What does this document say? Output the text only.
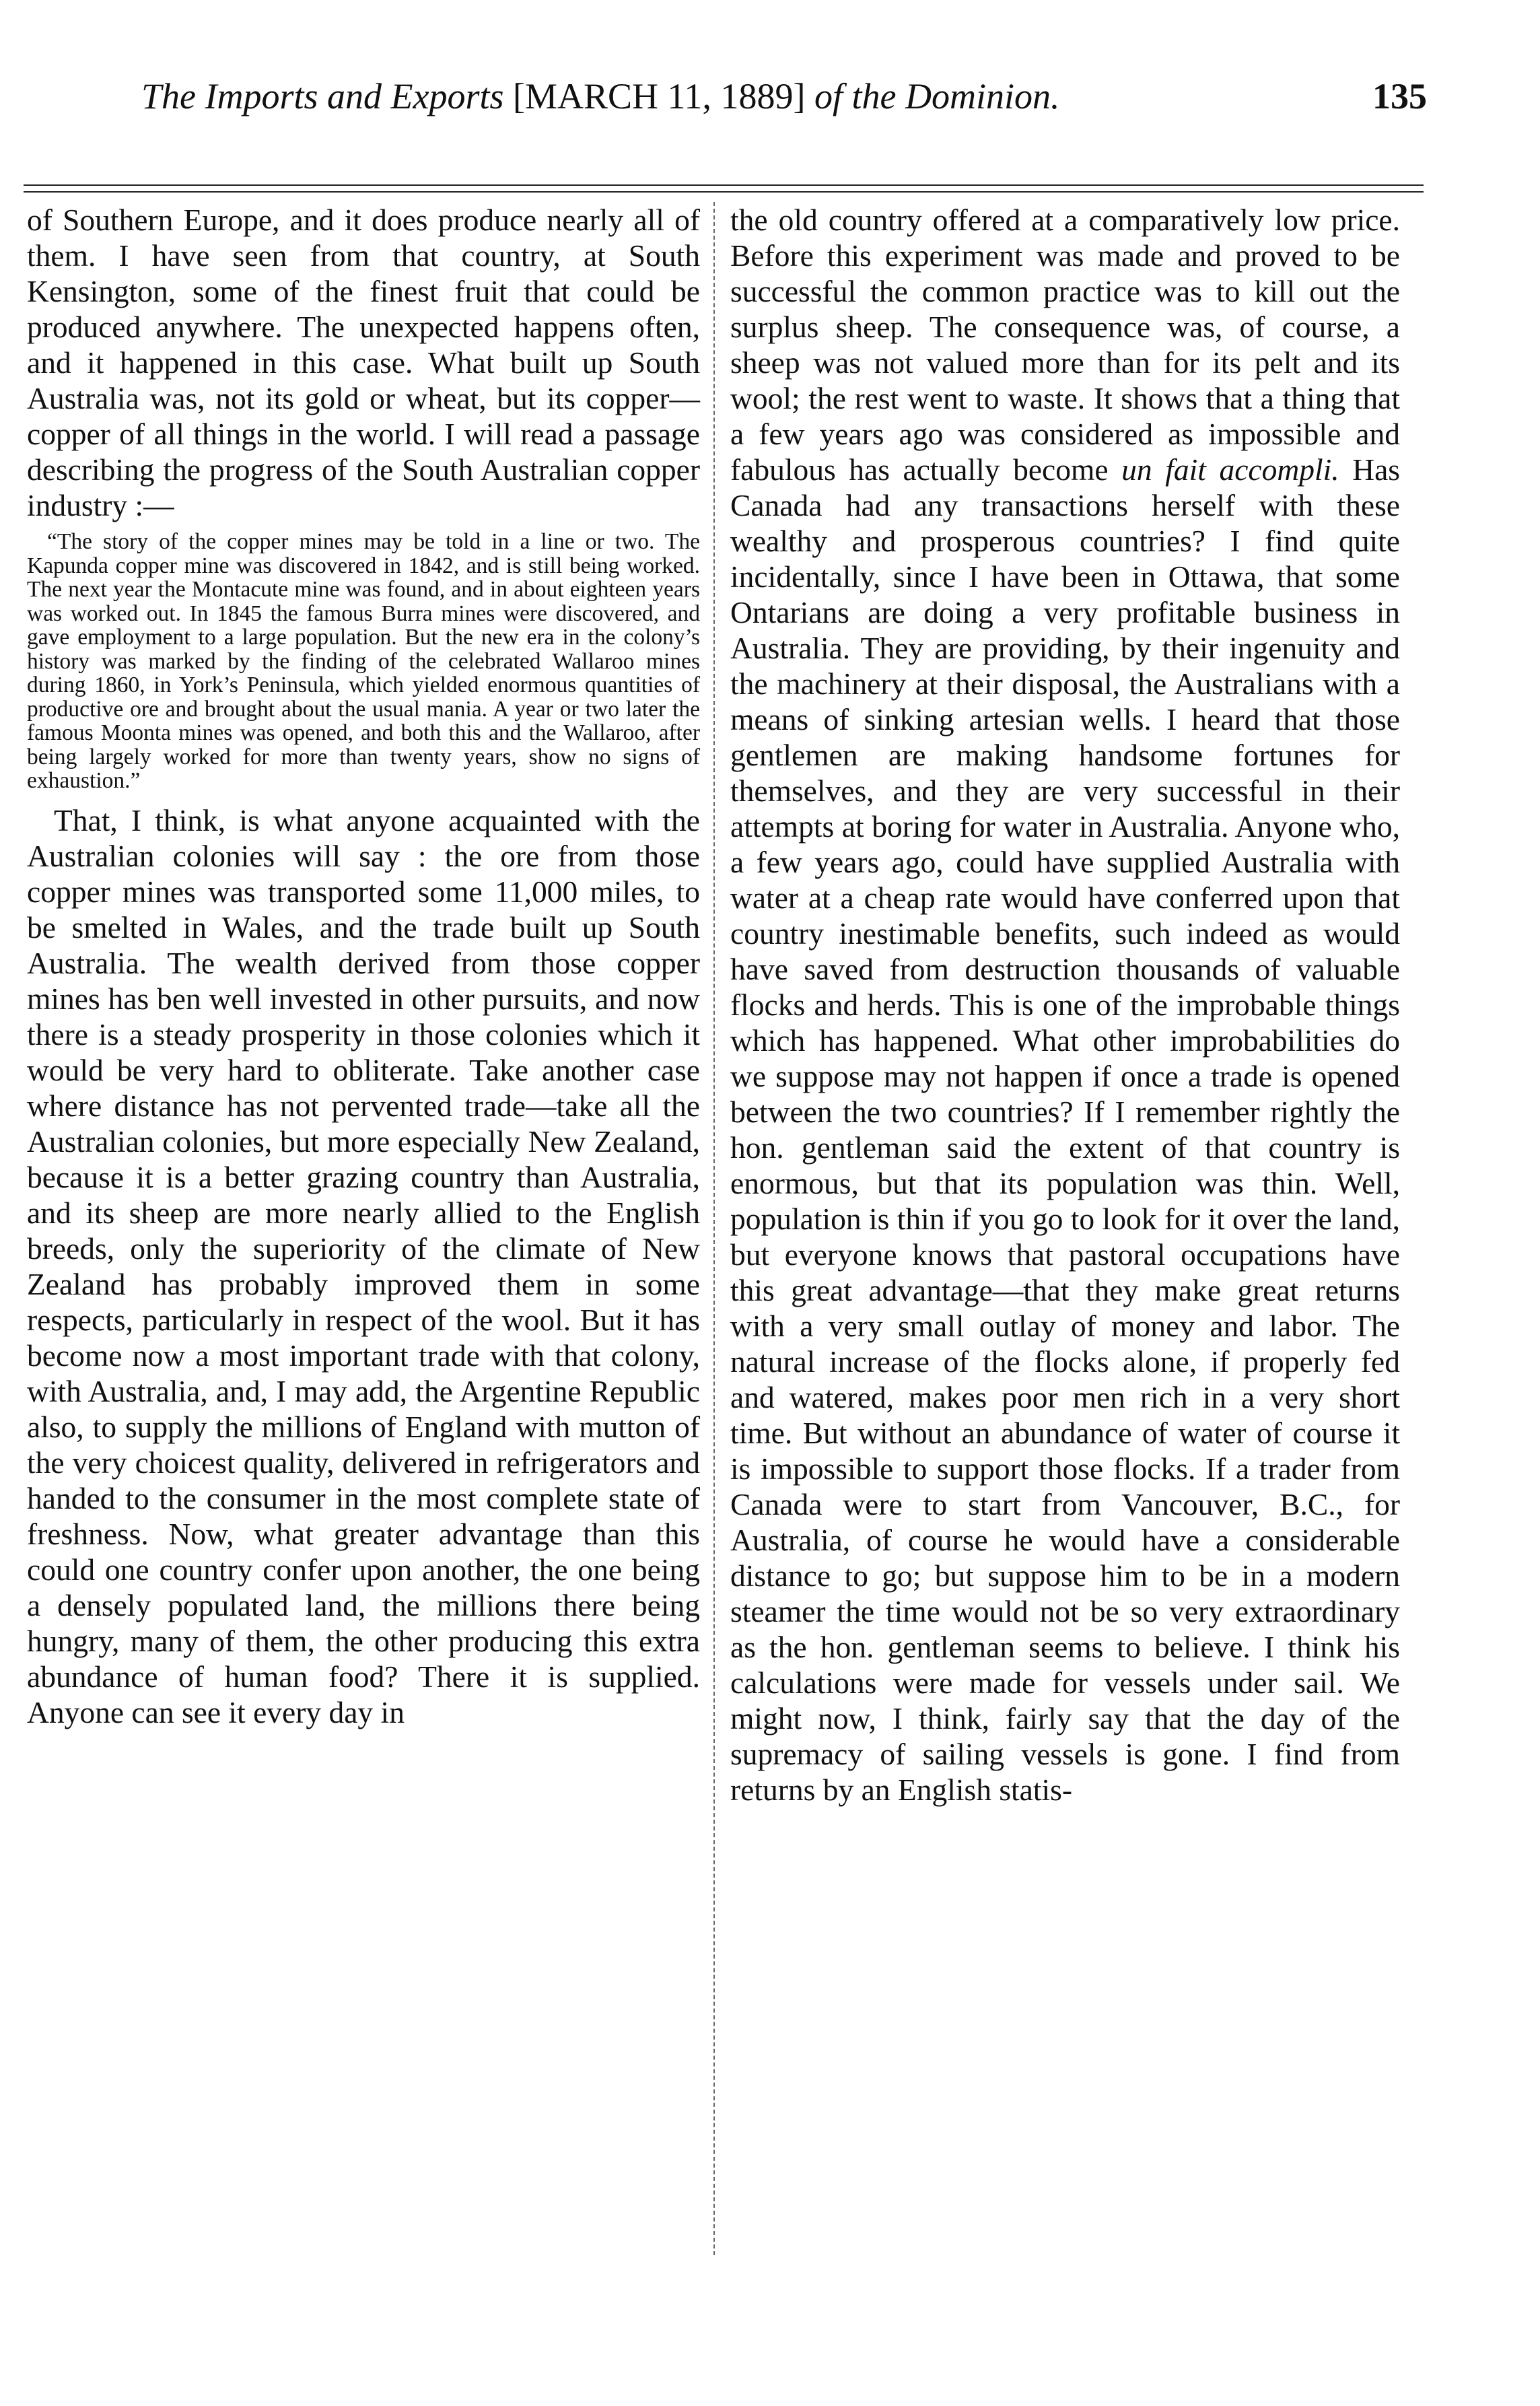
The Imports and Exports [MARCH 11, 1889] of the Dominion.	135

of Southern Europe, and it does produce nearly all of them. I have seen from that country, at South Kensington, some of the finest fruit that could be produced anywhere. The unexpected happens often, and it happened in this case. What built up South Australia was, not its gold or wheat, but its copper—copper of all things in the world. I will read a passage describing the progress of the South Australian copper industry :—

“The story of the copper mines may be told in a line or two. The Kapunda copper mine was discovered in 1842, and is still being worked. The next year the Montacute mine was found, and in about eighteen years was worked out. In 1845 the famous Burra mines were discovered, and gave employment to a large population. But the new era in the colony’s history was marked by the finding of the celebrated Wallaroo mines during 1860, in York’s Peninsula, which yielded enormous quantities of productive ore and brought about the usual mania. A year or two later the famous Moonta mines was opened, and both this and the Wallaroo, after being largely worked for more than twenty years, show no signs of exhaustion.”

That, I think, is what anyone acquainted with the Australian colonies will say : the ore from those copper mines was transported some 11,000 miles, to be smelted in Wales, and the trade built up South Australia. The wealth derived from those copper mines has ben well invested in other pursuits, and now there is a steady prosperity in those colonies which it would be very hard to obliterate. Take another case where distance has not pervented trade—take all the Australian colonies, but more especially New Zealand, because it is a better grazing country than Australia, and its sheep are more nearly allied to the English breeds, only the superiority of the climate of New Zealand has probably improved them in some respects, particularly in respect of the wool. But it has become now a most important trade with that colony, with Australia, and, I may add, the Argentine Republic also, to supply the millions of England with mutton of the very choicest quality, delivered in refrigerators and handed to the consumer in the most complete state of freshness. Now, what greater advantage than this could one country confer upon another, the one being a densely populated land, the millions there being hungry, many of them, the other producing this extra abundance of human food? There it is supplied. Anyone can see it every day in

the old country offered at a comparatively low price. Before this experiment was made and proved to be successful the common practice was to kill out the surplus sheep. The consequence was, of course, a sheep was not valued more than for its pelt and its wool; the rest went to waste. It shows that a thing that a few years ago was considered as impossible and fabulous has actually become un fait accompli. Has Canada had any transactions herself with these wealthy and prosperous countries? I find quite incidentally, since I have been in Ottawa, that some Ontarians are doing a very profitable business in Australia. They are providing, by their ingenuity and the machinery at their disposal, the Australians with a means of sinking artesian wells. I heard that those gentlemen are making handsome fortunes for themselves, and they are very successful in their attempts at boring for water in Australia. Anyone who, a few years ago, could have supplied Australia with water at a cheap rate would have conferred upon that country inestimable benefits, such indeed as would have saved from destruction thousands of valuable flocks and herds. This is one of the improbable things which has happened. What other improbabilities do we suppose may not happen if once a trade is opened between the two countries? If I remember rightly the hon. gentleman said the extent of that country is enormous, but that its population was thin. Well, population is thin if you go to look for it over the land, but everyone knows that pastoral occupations have this great advantage—that they make great returns with a very small outlay of money and labor. The natural increase of the flocks alone, if properly fed and watered, makes poor men rich in a very short time. But without an abundance of water of course it is impossible to support those flocks. If a trader from Canada were to start from Vancouver, B.C., for Australia, of course he would have a considerable distance to go; but suppose him to be in a modern steamer the time would not be so very extraordinary as the hon. gentleman seems to believe. I think his calculations were made for vessels under sail. We might now, I think, fairly say that the day of the supremacy of sailing vessels is gone. I find from returns by an English statis-
